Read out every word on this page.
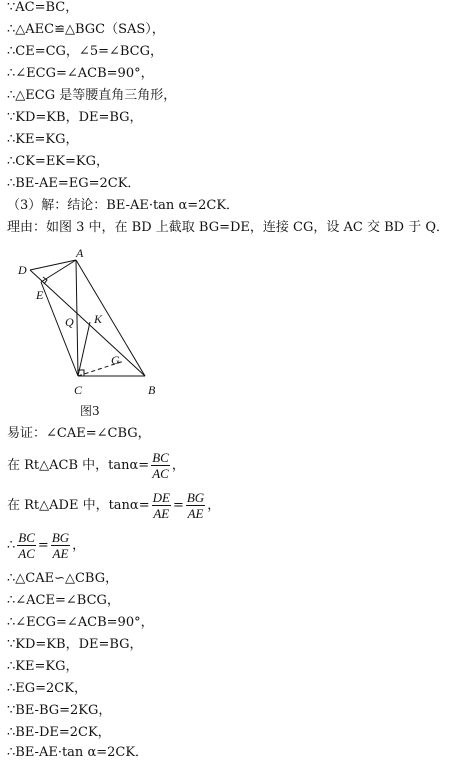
∵AC=BC，
∴△AEC≌△BGC（SAS），
∴CE=CG，∠5=∠BCG，
∴∠ECG=∠ACB=90°，
∴△ECG 是等腰直角三角形，
∵KD=KB，DE=BG，
∴KE=KG，
∴CK=EK=KG，
∴BE-AE=EG=2CK．
（3）解：结论：BE-AE·tan α=2CK．
理由：如图 3 中，在 BD 上截取 BG=DE，连接 CG，设 AC 交 BD 于 Q．
A
B
C
D
E
G
K
Q
图3
易证：∠CAE=∠CBG，
在 Rt△ACB 中，$\tan\alpha= \frac{BC}{AC}$ ，
在 Rt△ADE 中，$\tan\alpha= \frac{DE}{AE} = \frac{BG}{AE}$ ，
∴ $\frac{BC}{AC} = \frac{BG}{AE}$ ，
∴△CAE∽△CBG，
∴∠ACE=∠BCG，
∴∠ECG=∠ACB=90°，
∵KD=KB，DE=BG，
∴KE=KG，
∴EG=2CK，
∵BE-BG=2KG，
∴BE-DE=2CK，
∴BE-AE·tan α=2CK．
